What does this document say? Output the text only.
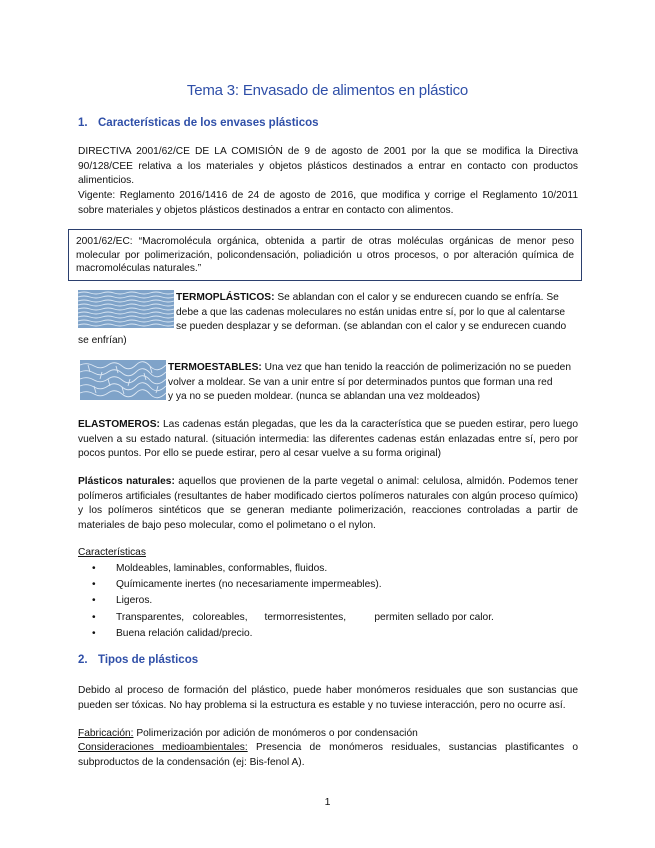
Tema 3: Envasado de alimentos en plástico
1. Características de los envases plásticos
DIRECTIVA 2001/62/CE DE LA COMISIÓN de 9 de agosto de 2001 por la que se modifica la Directiva 90/128/CEE relativa a los materiales y objetos plásticos destinados a entrar en contacto con productos alimenticios.
Vigente: Reglamento 2016/1416 de 24 de agosto de 2016, que modifica y corrige el Reglamento 10/2011 sobre materiales y objetos plásticos destinados a entrar en contacto con alimentos.
2001/62/EC: “Macromolécula orgánica, obtenida a partir de otras moléculas orgánicas de menor peso molecular por polimerización, policondensación, poliadición u otros procesos, o por alteración química de macromoléculas naturales.”
TERMOPLÁSTICOS: Se ablandan con el calor y se endurecen cuando se enfría. Se
debe a que las cadenas moleculares no están unidas entre sí, por lo que al calentarse
se pueden desplazar y se deforman. (se ablandan con el calor y se endurecen cuando
se enfrían)
TERMOESTABLES: Una vez que han tenido la reacción de polimerización no se pueden
volver a moldear. Se van a unir entre sí por determinados puntos que forman una red
y ya no se pueden moldear. (nunca se ablandan una vez moldeados)
ELASTOMEROS: Las cadenas están plegadas, que les da la característica que se pueden estirar, pero luego vuelven a su estado natural. (situación intermedia: las diferentes cadenas están enlazadas entre sí, pero por pocos puntos. Por ello se puede estirar, pero al cesar vuelve a su forma original)
Plásticos naturales: aquellos que provienen de la parte vegetal o animal: celulosa, almidón. Podemos tener polímeros artificiales (resultantes de haber modificado ciertos polímeros naturales con algún proceso químico) y los polímeros sintéticos que se generan mediante polimerización, reacciones controladas a partir de materiales de bajo peso molecular, como el polimetano o el nylon.
Características
• Moldeables, laminables, conformables, fluidos.
• Químicamente inertes (no necesariamente impermeables).
• Ligeros.
• Transparentes,   coloreables,      termorresistentes,          permiten sellado por calor.
• Buena relación calidad/precio.
2. Tipos de plásticos
Debido al proceso de formación del plástico, puede haber monómeros residuales que son sustancias que pueden ser tóxicas. No hay problema si la estructura es estable y no tuviese interacción, pero no ocurre así.
Fabricación: Polimerización por adición de monómeros o por condensación
Consideraciones medioambientales: Presencia de monómeros residuales, sustancias plastificantes o subproductos de la condensación (ej: Bis-fenol A).
1
